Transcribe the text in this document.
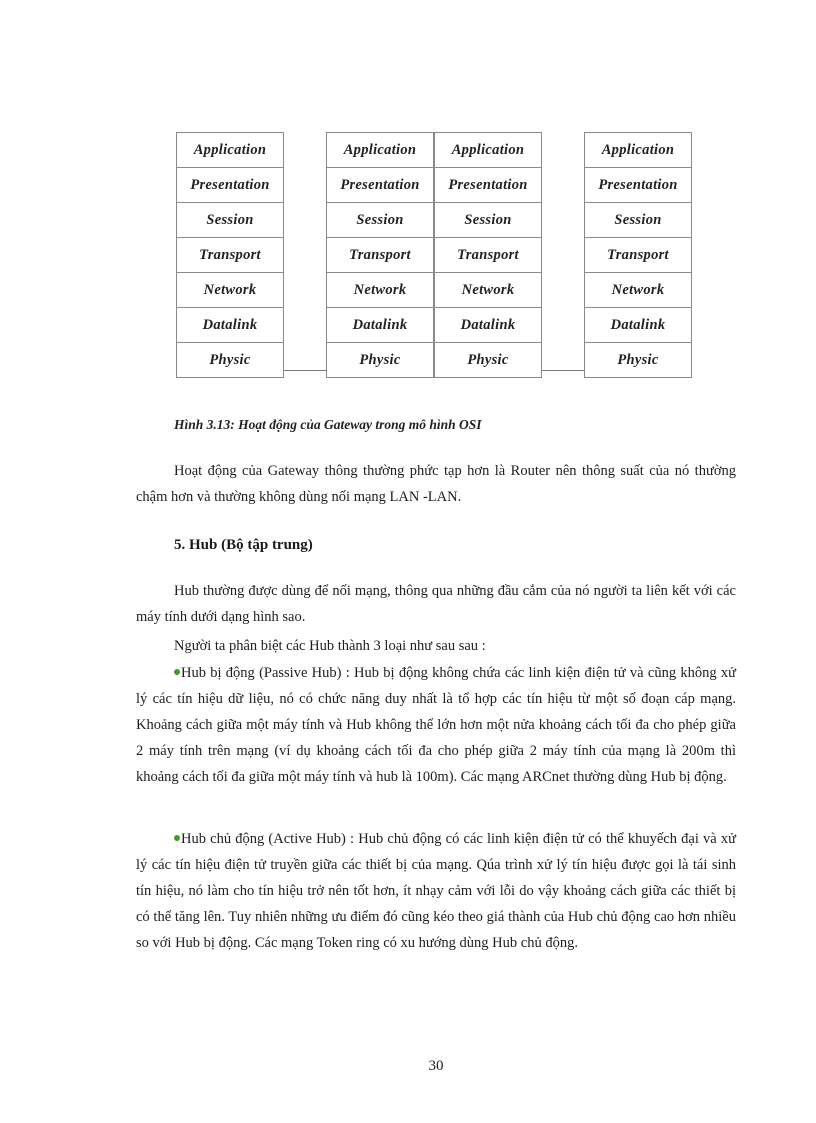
Application
Presentation
Session
Transport
Network
Datalink
Physic
Application
Presentation
Session
Transport
Network
Datalink
Physic
Application
Presentation
Session
Transport
Network
Datalink
Physic
Application
Presentation
Session
Transport
Network
Datalink
Physic
Hình 3.13: Hoạt động của Gateway trong mô hình OSI

Hoạt động của Gateway thông thường phức tạp hơn là Router nên thông suất của nó thường chậm hơn và thường không dùng nối mạng LAN -LAN.

5. Hub (Bộ tập trung)

Hub thường được dùng để nối mạng, thông qua những đầu cắm của nó người ta liên kết với các máy tính dưới dạng hình sao.

Người ta phân biệt các Hub thành 3 loại như sau sau :

Hub bị động (Passive Hub) : Hub bị động không chứa các linh kiện điện tử và cũng không xử lý các tín hiệu dữ liệu, nó có chức năng duy nhất là tổ hợp các tín hiệu từ một số đoạn cáp mạng. Khoảng cách giữa một máy tính và Hub không thể lớn hơn một nửa khoảng cách tối đa cho phép giữa 2 máy tính trên mạng (ví dụ khoảng cách tối đa cho phép giữa 2 máy tính của mạng là 200m thì khoảng cách tối đa giữa một máy tính và hub là 100m). Các mạng ARCnet thường dùng Hub bị động.

Hub chủ động (Active Hub) : Hub chủ động có các linh kiện điện tử có thể khuyếch đại và xử lý các tín hiệu điện tử truyền giữa các thiết bị của mạng. Qúa trình xử lý tín hiệu được gọi là tái sinh tín hiệu, nó làm cho tín hiệu trở nên tốt hơn, ít nhạy cảm với lỗi do vậy khoảng cách giữa các thiết bị có thể tăng lên. Tuy nhiên những ưu điểm đó cũng kéo theo giá thành của Hub chủ động cao hơn nhiều so với Hub bị động. Các mạng Token ring có xu hướng dùng Hub chủ động.

30
